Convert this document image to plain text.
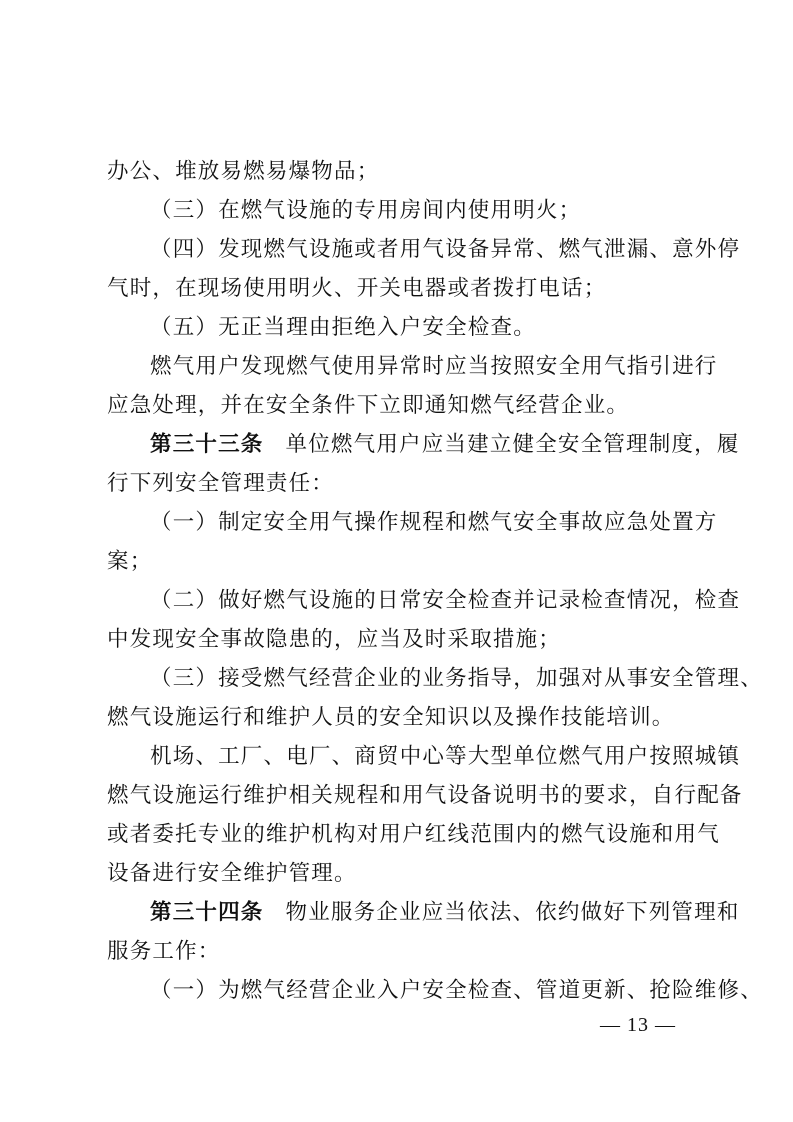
办公、堆放易燃易爆物品；
（三）在燃气设施的专用房间内使用明火；
（四）发现燃气设施或者用气设备异常、燃气泄漏、意外停
气时，在现场使用明火、开关电器或者拨打电话；
（五）无正当理由拒绝入户安全检查。
燃气用户发现燃气使用异常时应当按照安全用气指引进行
应急处理，并在安全条件下立即通知燃气经营企业。
第三十三条 单位燃气用户应当建立健全安全管理制度，履
行下列安全管理责任：
（一）制定安全用气操作规程和燃气安全事故应急处置方
案；
（二）做好燃气设施的日常安全检查并记录检查情况，检查
中发现安全事故隐患的，应当及时采取措施；
（三）接受燃气经营企业的业务指导，加强对从事安全管理、
燃气设施运行和维护人员的安全知识以及操作技能培训。
机场、工厂、电厂、商贸中心等大型单位燃气用户按照城镇
燃气设施运行维护相关规程和用气设备说明书的要求，自行配备
或者委托专业的维护机构对用户红线范围内的燃气设施和用气
设备进行安全维护管理。
第三十四条 物业服务企业应当依法、依约做好下列管理和
服务工作：
（一）为燃气经营企业入户安全检查、管道更新、抢险维修、
— 13 —
